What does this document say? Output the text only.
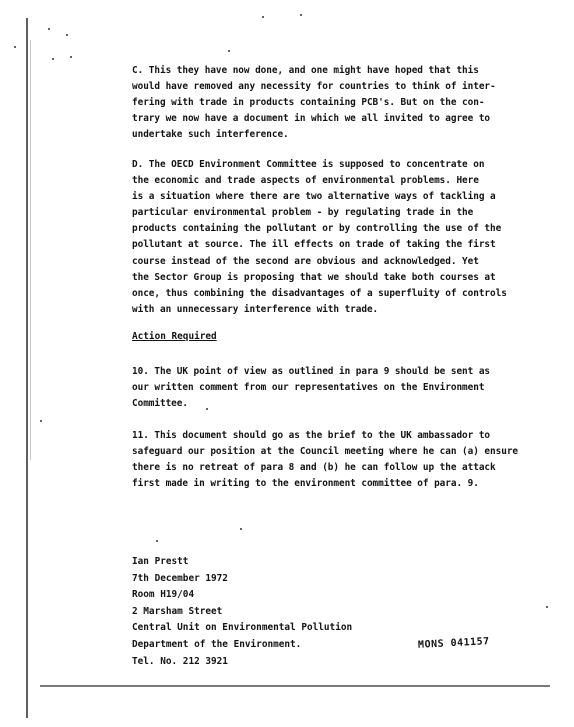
C. This they have now done, and one might have hoped that this

would have removed any necessity for countries to think of inter-

fering with trade in products containing PCB's. But on the con-

trary we now have a document in which we all invited to agree to

undertake such interference.

D. The OECD Environment Committee is supposed to concentrate on

the economic and trade aspects of environmental problems. Here

is a situation where there are two alternative ways of tackling a

particular environmental problem - by regulating trade in the

products containing the pollutant or by controlling the use of the

pollutant at source. The ill effects on trade of taking the first

course instead of the second are obvious and acknowledged. Yet

the Sector Group is proposing that we should take both courses at

once, thus combining the disadvantages of a superfluity of controls

with an unnecessary interference with trade.

Action Required

10. The UK point of view as outlined in para 9 should be sent as

our written comment from our representatives on the Environment

Committee.

11. This document should go as the brief to the UK ambassador to

safeguard our position at the Council meeting where he can (a) ensure

there is no retreat of para 8 and (b) he can follow up the attack

first made in writing to the environment committee of para. 9.

Ian Prestt
7th December 1972
Room H19/04
2 Marsham Street
Central Unit on Environmental Pollution
Department of the Environment.
Tel. No. 212 3921
MONS 041157
